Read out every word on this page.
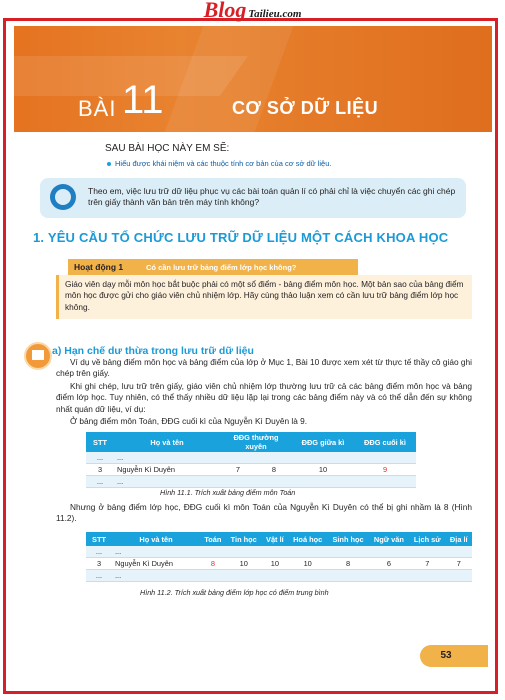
Blog Tailieu.com
BÀI 11	CƠ SỞ DỮ LIỆU
SAU BÀI HỌC NÀY EM SẼ:
Hiểu được khái niệm và các thuộc tính cơ bản của cơ sở dữ liệu.
Theo em, việc lưu trữ dữ liệu phục vụ các bài toán quản lí có phải chỉ là việc chuyển các ghi chép trên giấy thành văn bản trên máy tính không?
1. YÊU CẦU TỔ CHỨC LƯU TRỮ DỮ LIỆU MỘT CÁCH KHOA HỌC
Hoạt động 1	Có cần lưu trữ bảng điểm lớp học không?
Giáo viên dạy mỗi môn học bắt buộc phải có một sổ điểm - bảng điểm môn học. Một bản sao của bảng điểm môn học được gửi cho giáo viên chủ nhiệm lớp. Hãy cùng thảo luận xem có cần lưu trữ bảng điểm lớp học không.
a) Hạn chế dư thừa trong lưu trữ dữ liệu
Ví dụ về bảng điểm môn học và bảng điểm của lớp ở Mục 1, Bài 10 được xem xét từ thực tế thầy cô giáo ghi chép trên giấy.
Khi ghi chép, lưu trữ trên giấy, giáo viên chủ nhiệm lớp thường lưu trữ cả các bảng điểm môn học và bảng điểm lớp học. Tuy nhiên, có thể thấy nhiều dữ liệu lặp lại trong các bảng điểm này và có thể dẫn đến sự không nhất quán dữ liệu, ví dụ:
Ở bảng điểm môn Toán, ĐĐG cuối kì của Nguyễn Kì Duyên là 9.
STT	Họ và tên	ĐĐG thường xuyên		ĐĐG giữa kì	ĐĐG cuối kì
...	...				
3	Nguyễn Kì Duyên	7	8	10	9
...	...				
Hình 11.1. Trích xuất bảng điểm môn Toán
Nhưng ở bảng điểm lớp học, ĐĐG cuối kì môn Toán của Nguyễn Kì Duyên có thể bị ghi nhầm là 8 (Hình 11.2).
STT	Họ và tên	Toán	Tin học	Vật lí	Hoá học	Sinh học	Ngữ văn	Lịch sử	Địa lí
...	...								
3	Nguyễn Kì Duyên	8	10	10	10	8	6	7	7
...	...								
Hình 11.2. Trích xuất bảng điểm lớp học có điểm trung bình
53
